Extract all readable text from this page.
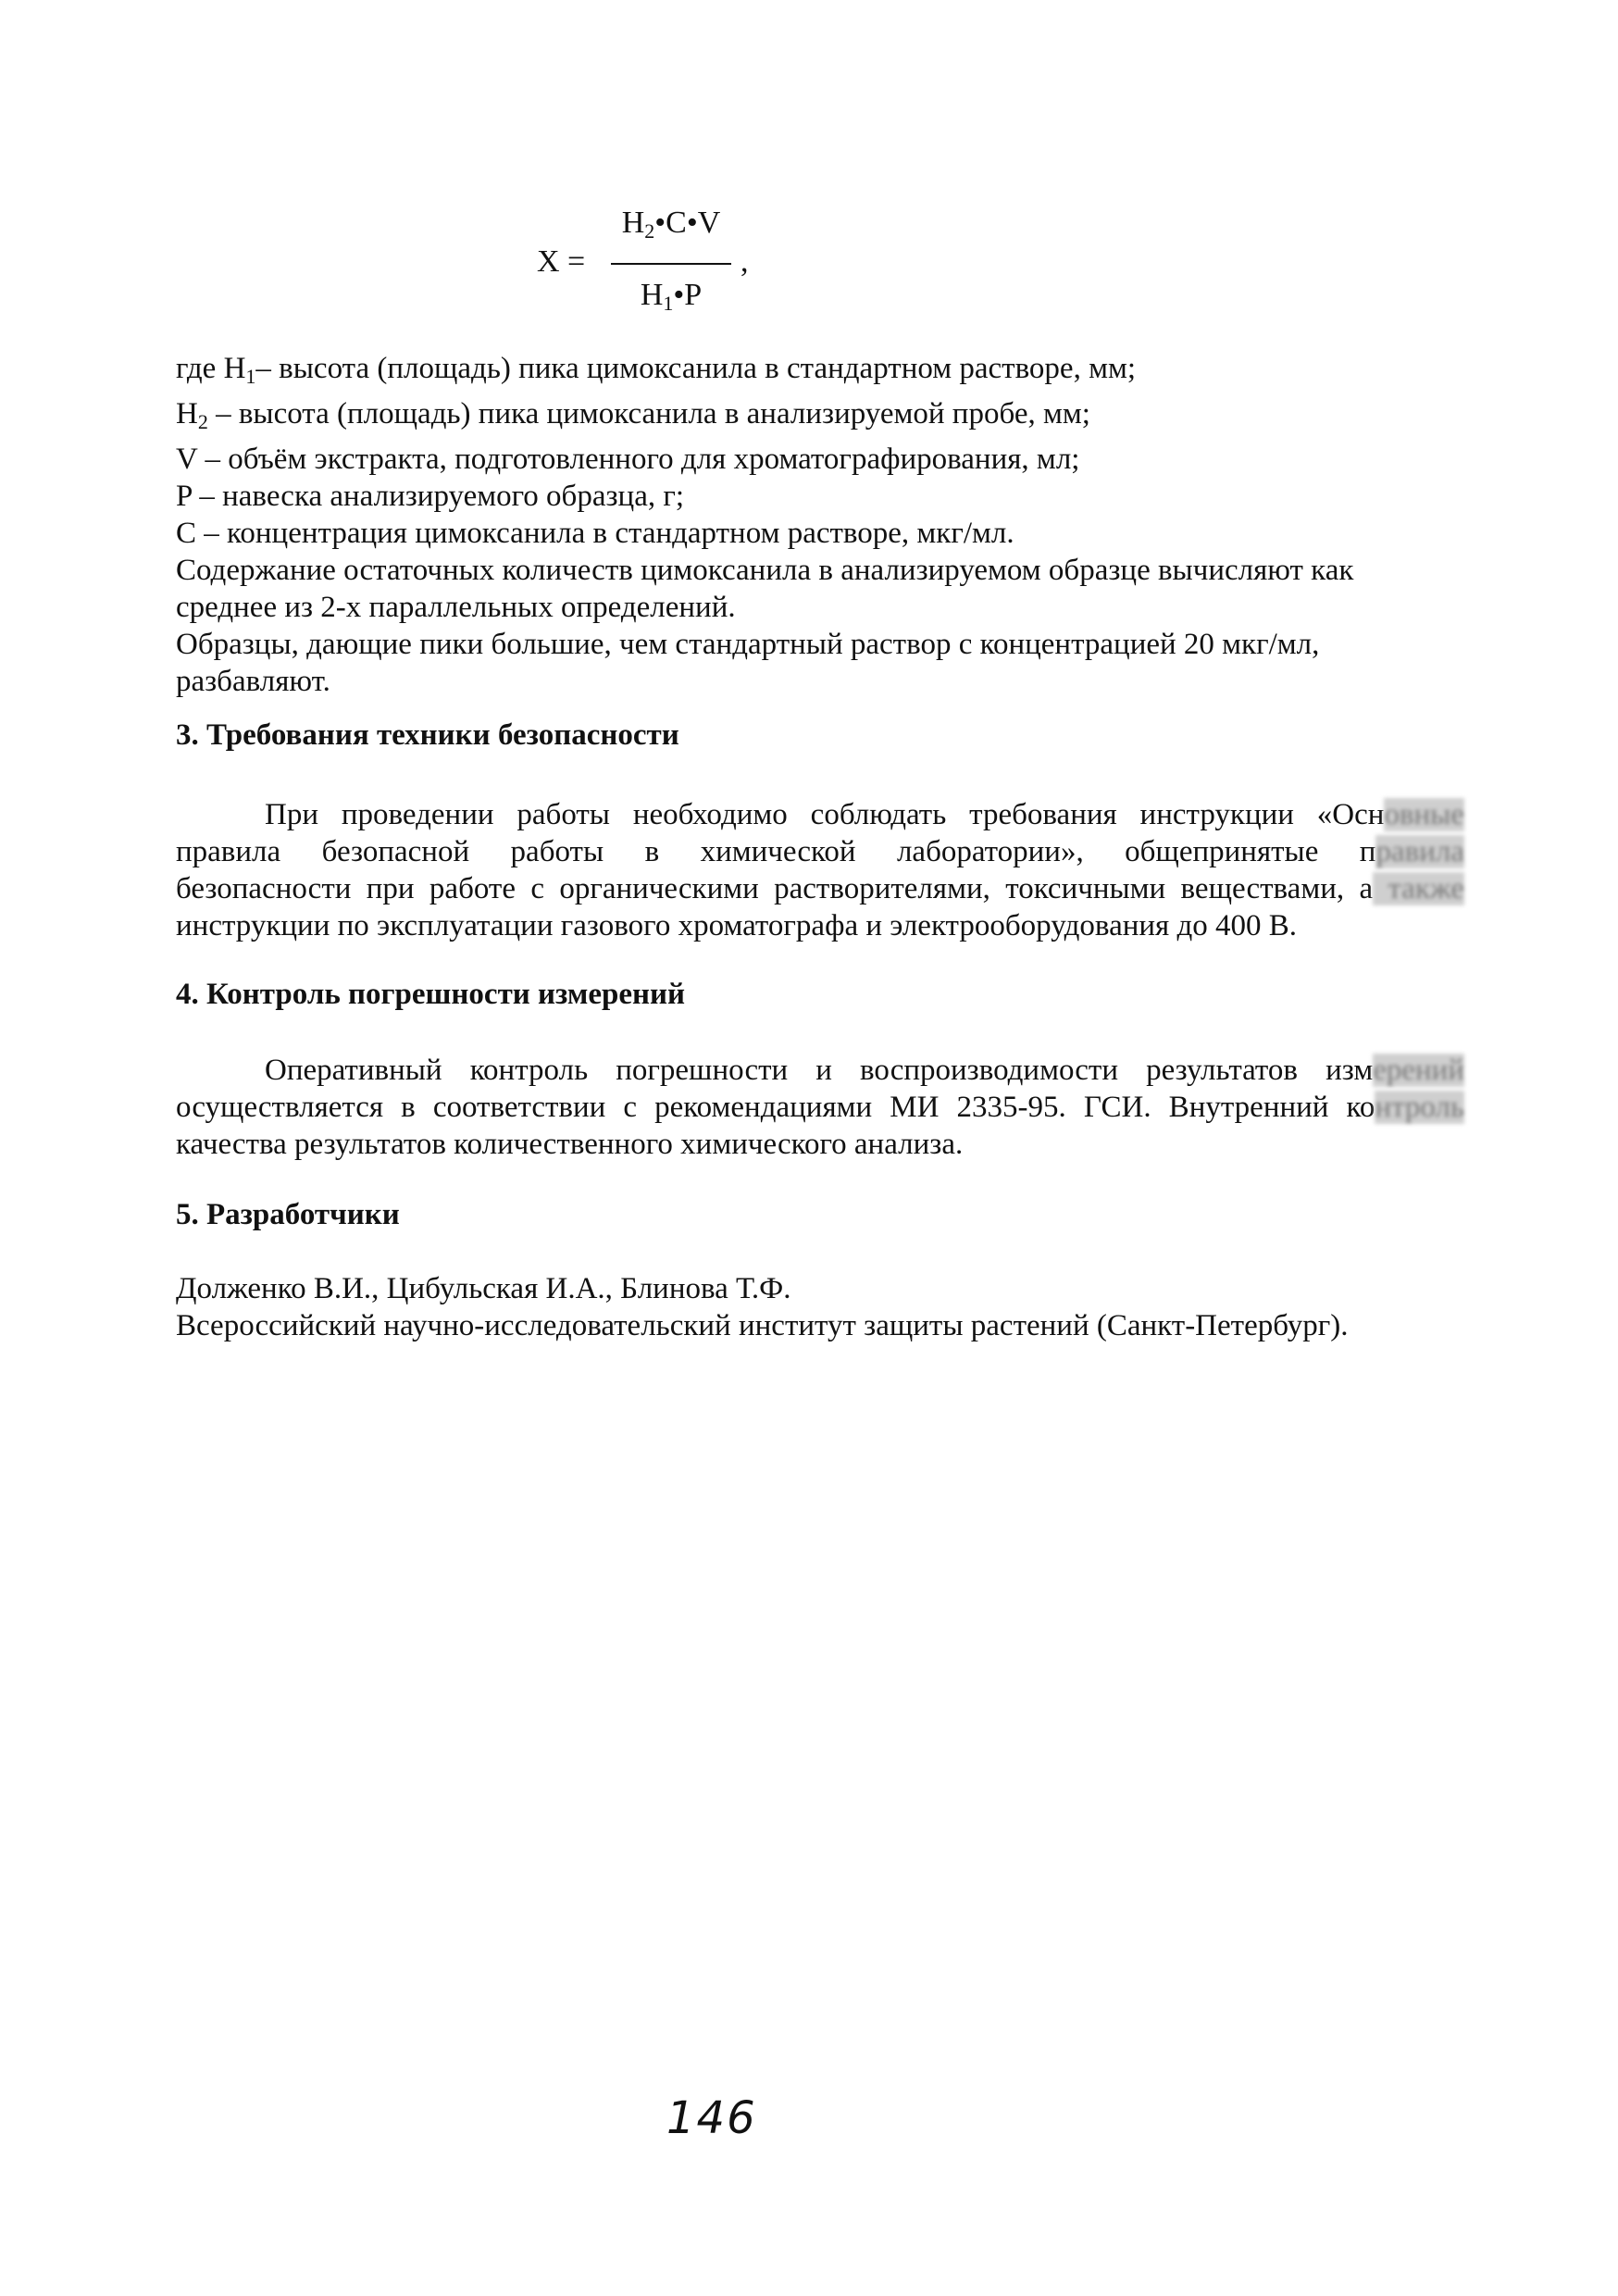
X =
$H_2•C•V$
$H_1•P$
,
где $H_1-$ высота (площадь) пика цимоксанила в стандартном растворе, мм;
$H_2$ – высота (площадь) пика цимоксанила в анализируемой пробе, мм;
V – объём экстракта, подготовленного для хроматографирования, мл;
P – навеска анализируемого образца, г;
C – концентрация цимоксанила в стандартном растворе, мкг/мл.
Содержание остаточных количеств цимоксанила в анализируемом образце вычисляют как
среднее из 2-х параллельных определений.
Образцы, дающие пики большие, чем стандартный раствор с концентрацией 20 мкг/мл,
разбавляют.
3. Требования техники безопасности
При проведении работы необходимо соблюдать требования инструкции «Основные
правила безопасной работы в химической лаборатории», общепринятые правила
безопасности при работе с органическими растворителями, токсичными веществами, а также
инструкции по эксплуатации газового хроматографа и электрооборудования до 400 В.
4. Контроль погрешности измерений
Оперативный контроль погрешности и воспроизводимости результатов измерений
осуществляется в соответствии с рекомендациями МИ 2335-95. ГСИ. Внутренний контроль
качества результатов количественного химического анализа.
5. Разработчики
Долженко В.И., Цибульская И.А., Блинова Т.Ф.
Всероссийский научно-исследовательский институт защиты растений (Санкт-Петербург).
146
